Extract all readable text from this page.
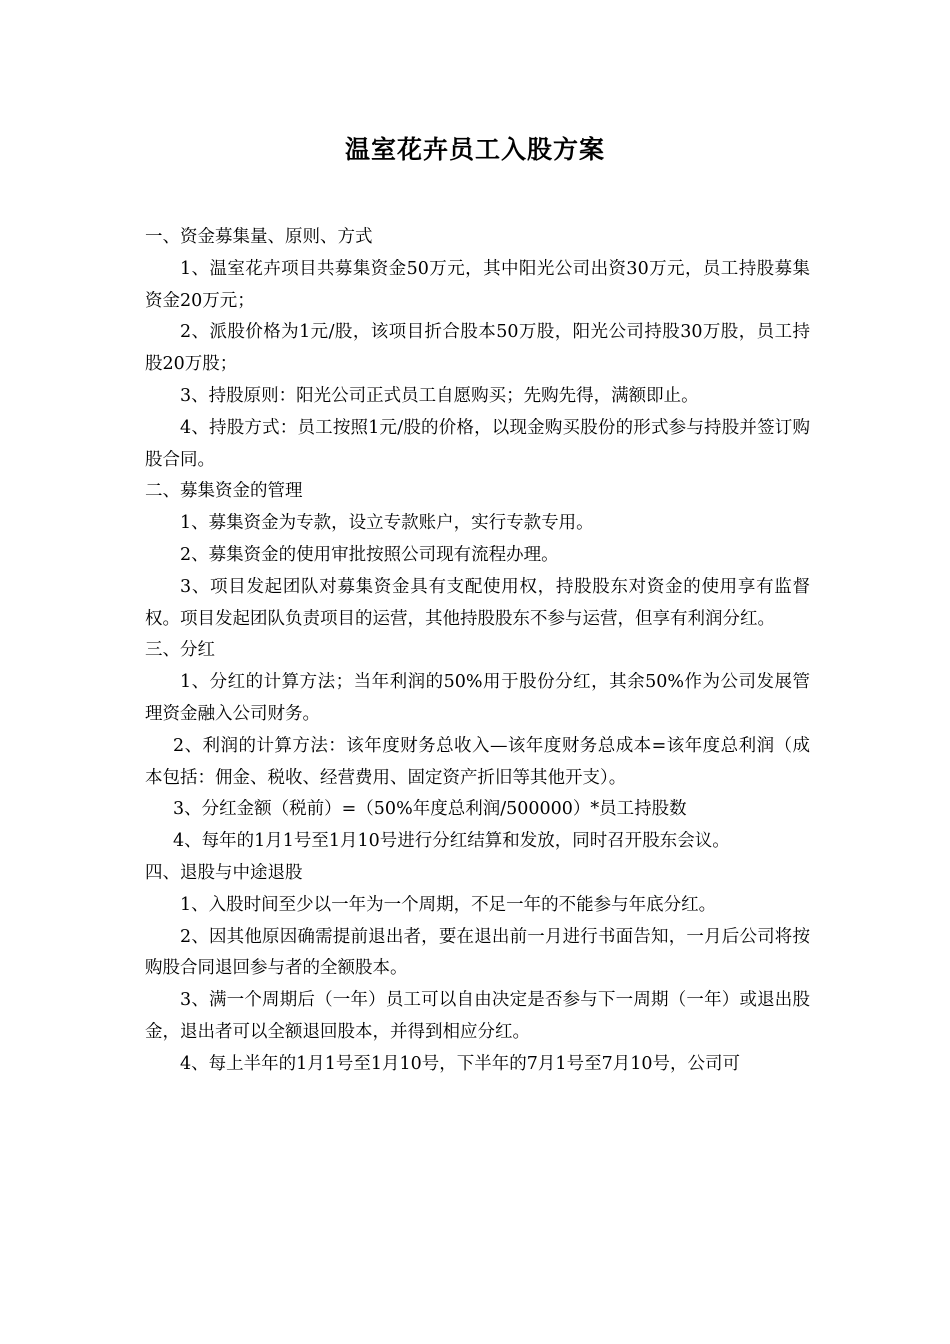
温室花卉员工入股方案

一、资金募集量、原则、方式

1、温室花卉项目共募集资金50万元，其中阳光公司出资30万元，员工持股募集资金20万元；

2、派股价格为1元/股，该项目折合股本50万股，阳光公司持股30万股，员工持股20万股；

3、持股原则：阳光公司正式员工自愿购买；先购先得，满额即止。

4、持股方式：员工按照1元/股的价格，以现金购买股份的形式参与持股并签订购股合同。

二、募集资金的管理

1、募集资金为专款，设立专款账户，实行专款专用。

2、募集资金的使用审批按照公司现有流程办理。

3、项目发起团队对募集资金具有支配使用权，持股股东对资金的使用享有监督权。项目发起团队负责项目的运营，其他持股股东不参与运营，但享有利润分红。

三、分红

1、分红的计算方法；当年利润的50%用于股份分红，其余50%作为公司发展管理资金融入公司财务。

2、利润的计算方法：该年度财务总收入—该年度财务总成本=该年度总利润（成本包括：佣金、税收、经营费用、固定资产折旧等其他开支）。

3、分红金额（税前）=（50%年度总利润/500000）*员工持股数

4、每年的1月1号至1月10号进行分红结算和发放，同时召开股东会议。

四、退股与中途退股

1、入股时间至少以一年为一个周期，不足一年的不能参与年底分红。

2、因其他原因确需提前退出者，要在退出前一月进行书面告知，一月后公司将按购股合同退回参与者的全额股本。

3、满一个周期后（一年）员工可以自由决定是否参与下一周期（一年）或退出股金，退出者可以全额退回股本，并得到相应分红。

4、每上半年的1月1号至1月10号，下半年的7月1号至7月10号，公司可
